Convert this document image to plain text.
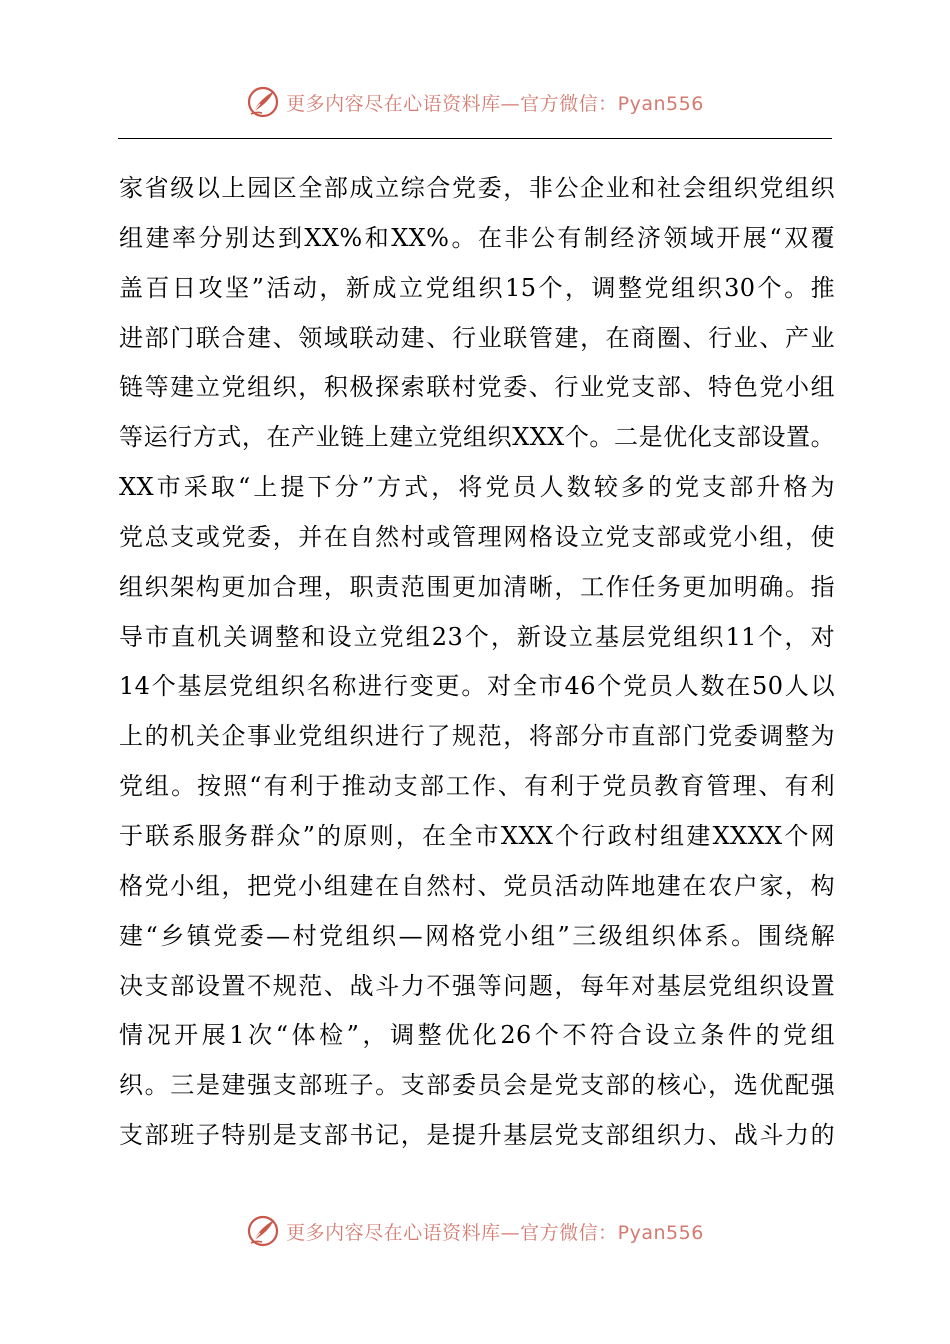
更多内容尽在心语资料库—官方微信：Pyan556
家省级以上园区全部成立综合党委，非公企业和社会组织党组织
组建率分别达到XX%和XX%。在非公有制经济领域开展“双覆
盖百日攻坚”活动，新成立党组织15个，调整党组织30个。推
进部门联合建、领域联动建、行业联管建，在商圈、行业、产业
链等建立党组织，积极探索联村党委、行业党支部、特色党小组
等运行方式，在产业链上建立党组织XXX个。二是优化支部设置。
XX市采取“上提下分”方式，将党员人数较多的党支部升格为
党总支或党委，并在自然村或管理网格设立党支部或党小组，使
组织架构更加合理，职责范围更加清晰，工作任务更加明确。指
导市直机关调整和设立党组23个，新设立基层党组织11个，对
14个基层党组织名称进行变更。对全市46个党员人数在50人以
上的机关企事业党组织进行了规范，将部分市直部门党委调整为
党组。按照“有利于推动支部工作、有利于党员教育管理、有利
于联系服务群众”的原则，在全市XXX个行政村组建XXXX个网
格党小组，把党小组建在自然村、党员活动阵地建在农户家，构
建“乡镇党委—村党组织—网格党小组”三级组织体系。围绕解
决支部设置不规范、战斗力不强等问题，每年对基层党组织设置
情况开展1次“体检”，调整优化26个不符合设立条件的党组
织。三是建强支部班子。支部委员会是党支部的核心，选优配强
支部班子特别是支部书记，是提升基层党支部组织力、战斗力的
更多内容尽在心语资料库—官方微信：Pyan556
